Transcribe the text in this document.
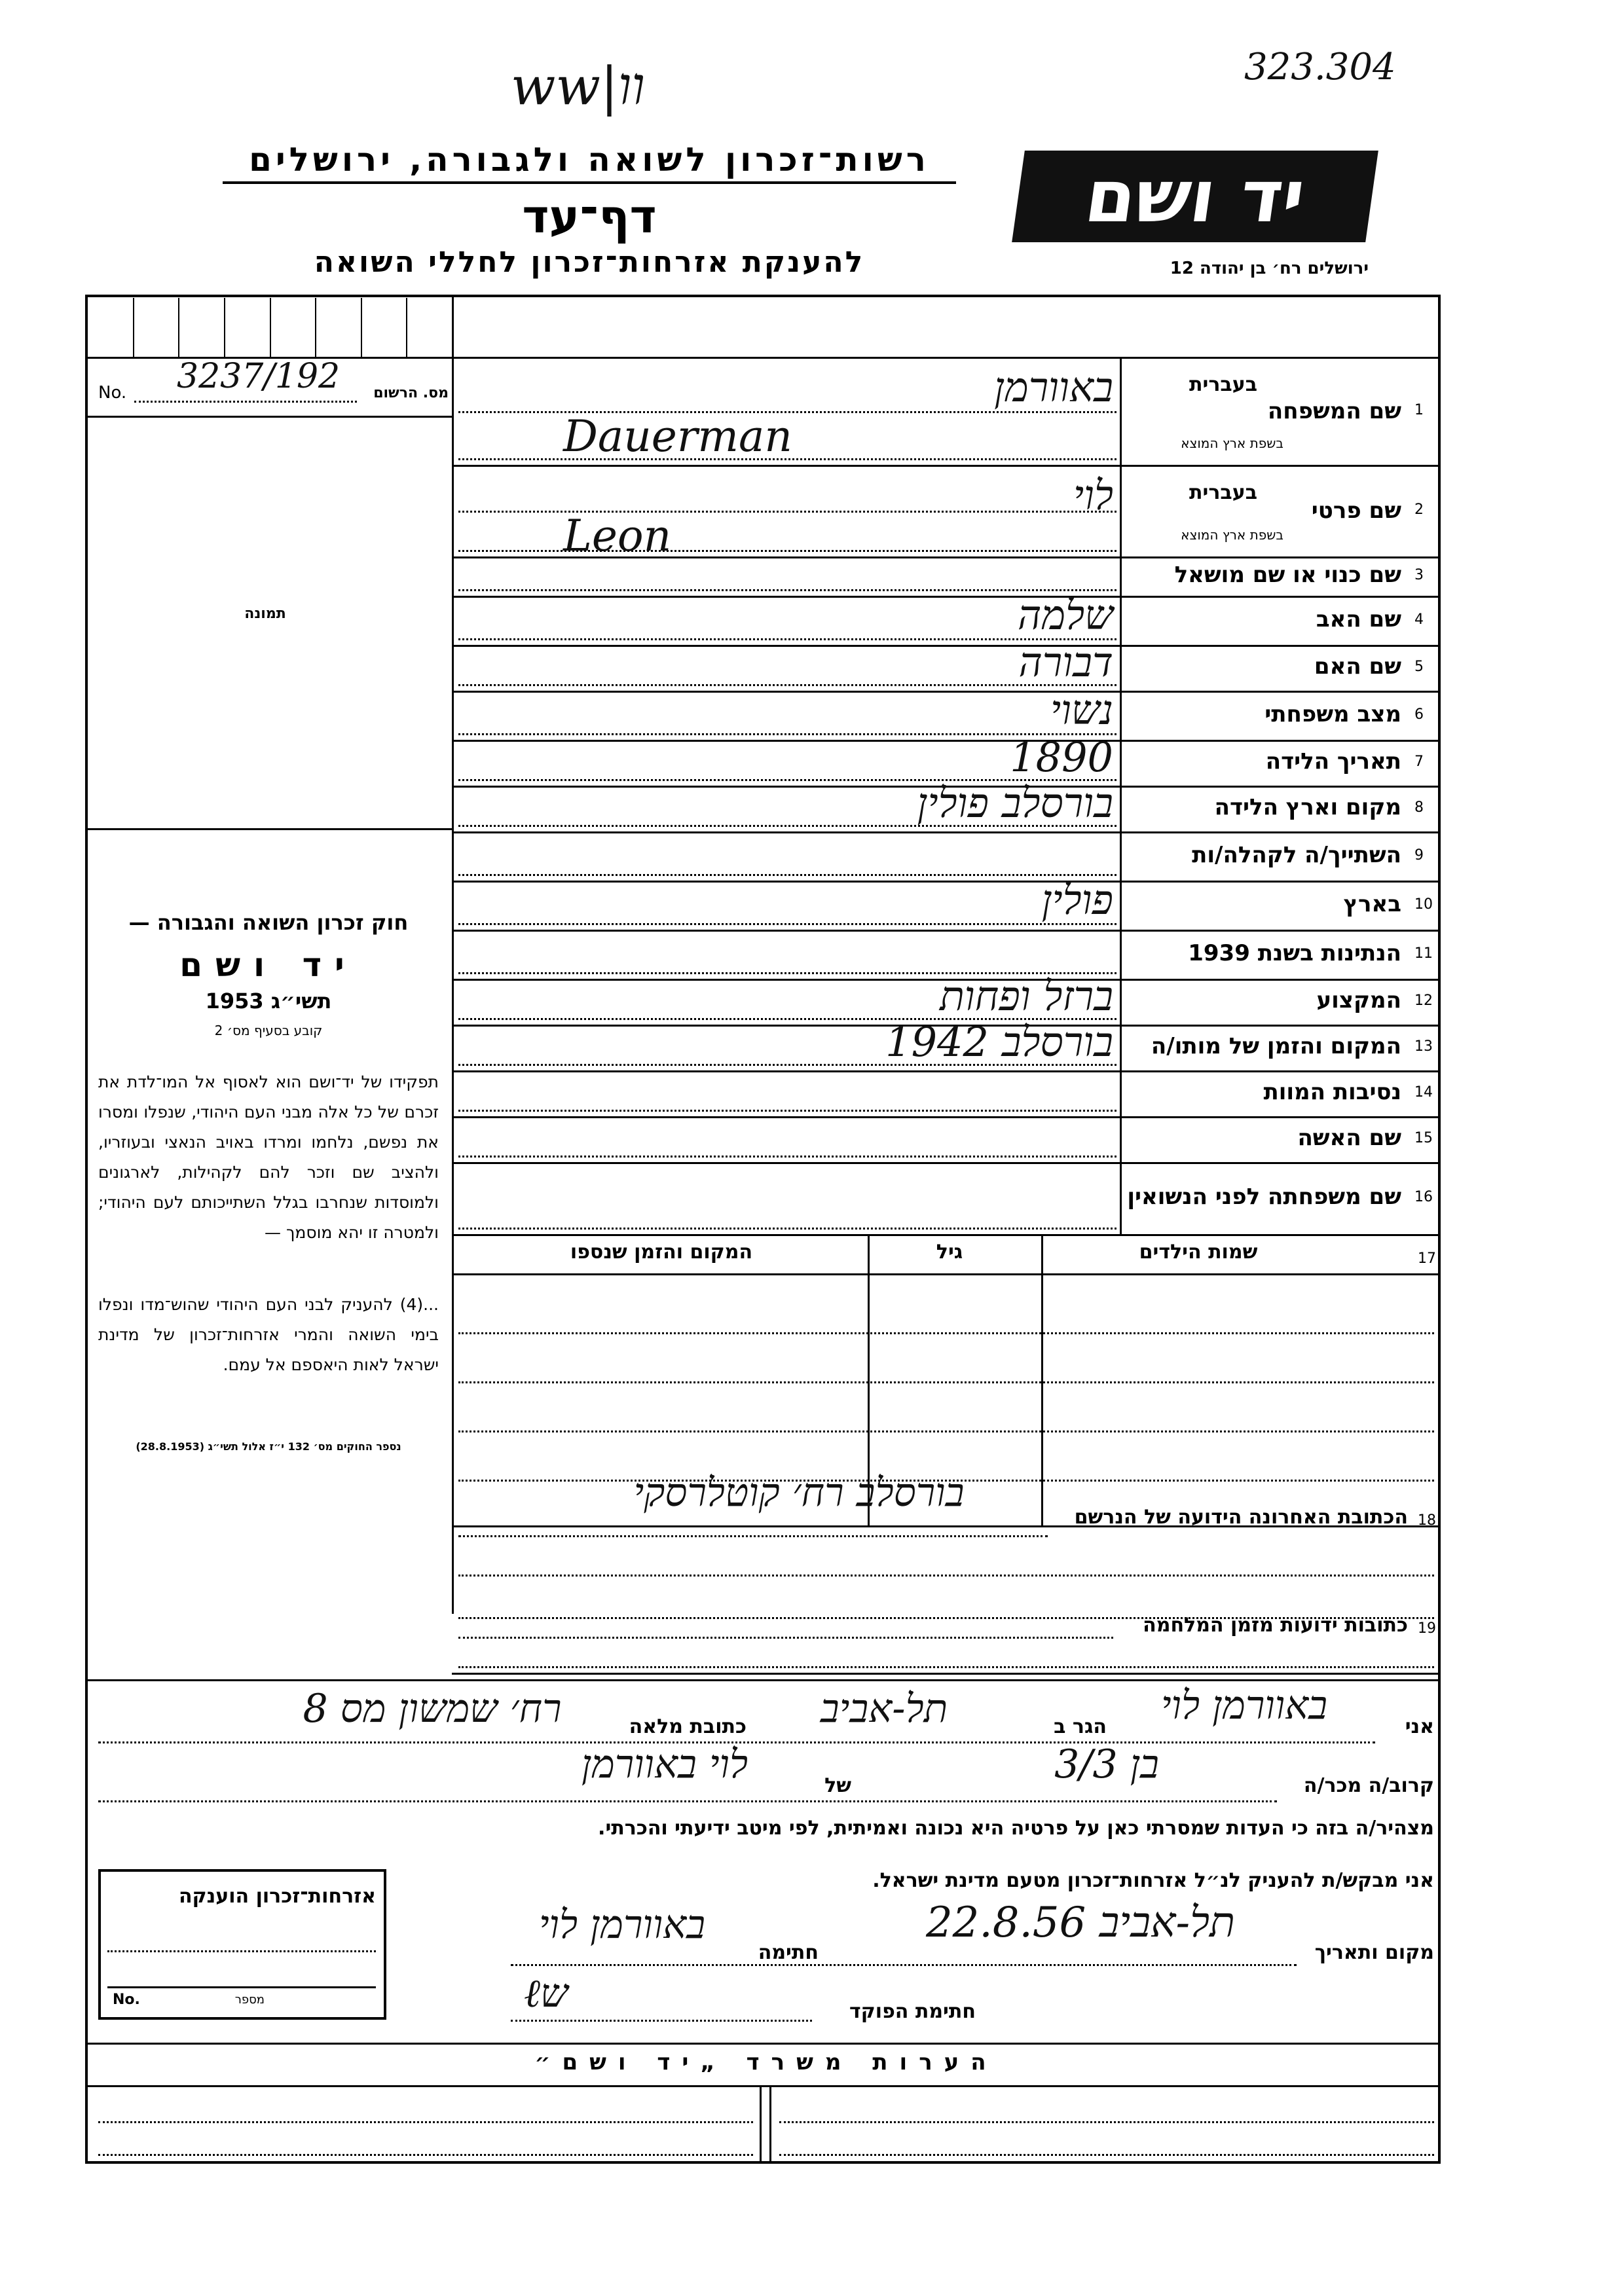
323.304
ww|וו
רשות־זכרון לשואה ולגבורה, ירושלים
דף־עד
להענקת אזרחות־זכרון לחללי השואה
יד ושם
ירושלים רח׳ בן יהודה 12
No. 3237/192	מס. הרשום
תמונה
חוק זכרון השואה והגבורה —
יד ושם
תשי״ג 1953
קובע בסעיף מס׳ 2
תפקידו של יד־ושם הוא לאסוף אל המו־לדת את זכרם של כל אלה מבני העם היהודי, שנפלו ומסרו את נפשם, נלחמו ומרדו באויב הנאצי ובעוזריו, ולהציב שם וזכר להם לקהילות, לארגונים ולמוסדות שנחרבו בגלל השתייכותם לעם היהודי; ולמטרה זו יהא מוסמך —
...(4) להעניק לבני העם היהודי שהוש־מדו ונפלו בימי השואה והמרי אזרחות־זכרון של מדינת ישראל לאות היאספם אל עמם.
נספר החוקים מס׳ 132 י״ז אלול תשי״ג (28.8.1953)
1
בעברית
שם המשפחה
בשפת ארץ המוצא
באוורמן
Dauerman
2
בעברית
שם פרטי
בשפת ארץ המוצא
לוי
Leon
3
שם כנוי או שם מושאל
4
שם האב
שלמה
5
שם האם
דבורה
6
מצב משפחתי
נשוי
7
תאריך הלידה
1890
8
מקום וארץ הלידה
בורסלב פולין
9
השתייך/ה לקהלה/ות
10
בארץ
פולין
11
הנתינות בשנת 1939
12
המקצוע
ברזל ופחות
13
המקום והזמן של מותו/ה
בורסלב 1942
14
נסיבות המוות
15
שם האשה
16
שם משפחתה לפני הנשואין
17
שמות הילדים
גיל
המקום והזמן שנספו
18
הכתובת האחרונה הידועה של הנרשם
בורסלב רח׳ קוטלרסקי
19
כתובות ידועות מזמן המלחמה
אני
באוורמן לוי
הגר ב
תל-אביב
כתובת מלאה
רח׳ שמשון מס 8
קרוב/ה מכר/ה
בן 3/3
של
לוי באוורמן
מצהיר/ה בזה כי העדות שמסרתי כאן על פרטיה היא נכונה ואמיתית, לפי מיטב ידיעתי והכרתי.
אני מבקש/ת להעניק לנ״ל אזרחות־זכרון מטעם מדינת ישראל.
מקום ותאריך
תל-אביב 22.8.56
חתימה
באוורמן לוי
חתימת הפוקד
ℓש
אזרחות־זכרון הוענקה
No.	מספר
הערות משרד „יד ושם״
